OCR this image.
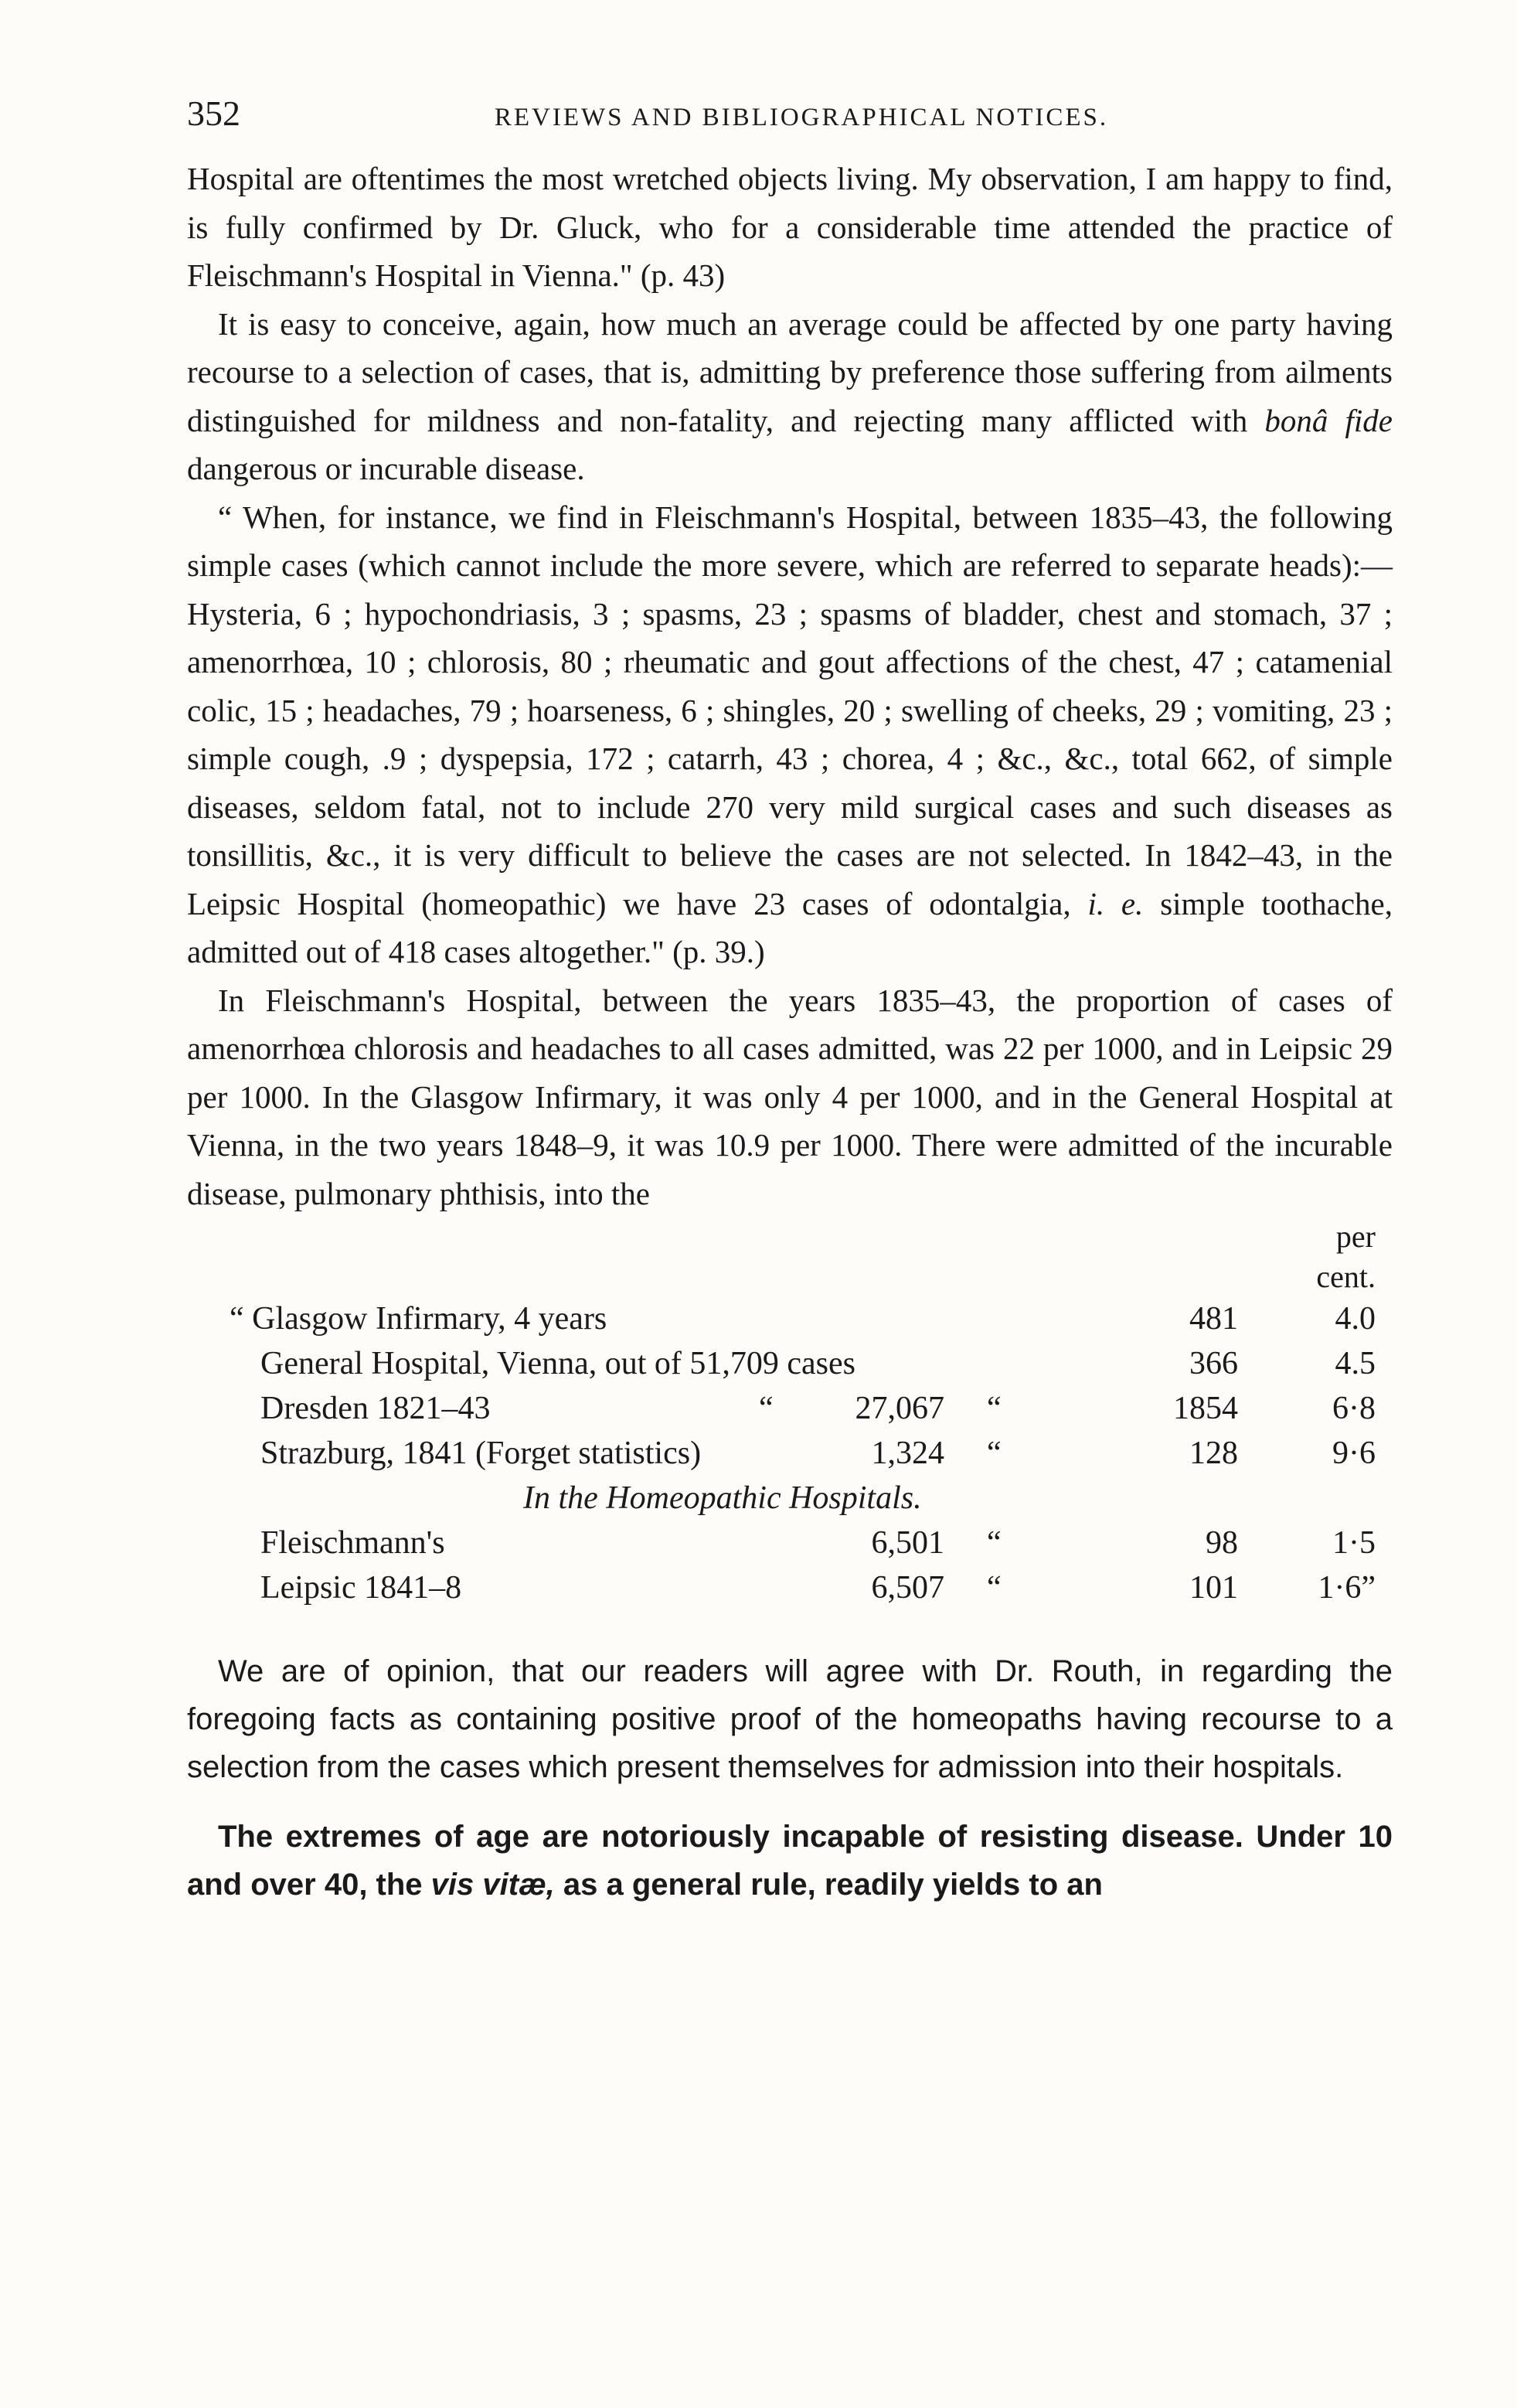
352	REVIEWS AND BIBLIOGRAPHICAL NOTICES.

Hospital are oftentimes the most wretched objects living. My observation, I am happy to find, is fully confirmed by Dr. Gluck, who for a considerable time attended the practice of Fleischmann's Hospital in Vienna." (p. 43)

It is easy to conceive, again, how much an average could be affected by one party having recourse to a selection of cases, that is, admitting by preference those suffering from ailments distinguished for mildness and non-fatality, and rejecting many afflicted with bonâ fide dangerous or incurable disease.

“ When, for instance, we find in Fleischmann's Hospital, between 1835–43, the following simple cases (which cannot include the more severe, which are referred to separate heads):—Hysteria, 6 ; hypochondriasis, 3 ; spasms, 23 ; spasms of bladder, chest and stomach, 37 ; amenorrhœa, 10 ; chlorosis, 80 ; rheumatic and gout affections of the chest, 47 ; catamenial colic, 15 ; headaches, 79 ; hoarseness, 6 ; shingles, 20 ; swelling of cheeks, 29 ; vomiting, 23 ; simple cough, .9 ; dyspepsia, 172 ; catarrh, 43 ; chorea, 4 ; &c., &c., total 662, of simple diseases, seldom fatal, not to include 270 very mild surgical cases and such diseases as tonsillitis, &c., it is very difficult to believe the cases are not selected. In 1842–43, in the Leipsic Hospital (homeopathic) we have 23 cases of odontalgia, i. e. simple toothache, admitted out of 418 cases altogether." (p. 39.)

In Fleischmann's Hospital, between the years 1835–43, the proportion of cases of amenorrhœa chlorosis and headaches to all cases admitted, was 22 per 1000, and in Leipsic 29 per 1000. In the Glasgow Infirmary, it was only 4 per 1000, and in the General Hospital at Vienna, in the two years 1848–9, it was 10.9 per 1000. There were admitted of the incurable disease, pulmonary phthisis, into the

per
cent.
“ Glasgow Infirmary, 4 years	481	4.0
General Hospital, Vienna, out of 51,709 cases	366	4.5
Dresden 1821–43	“	27,067 “	1854	6·8
Strazburg, 1841 (Forget statistics)	1,324 “	128	9·6
In the Homeopathic Hospitals.
Fleischmann's	6,501 “	98	1·5
Leipsic 1841–8	6,507 “	101	1·6”

We are of opinion, that our readers will agree with Dr. Routh, in regarding the foregoing facts as containing positive proof of the homeopaths having recourse to a selection from the cases which present themselves for admission into their hospitals.

The extremes of age are notoriously incapable of resisting disease. Under 10 and over 40, the vis vitæ, as a general rule, readily yields to an
